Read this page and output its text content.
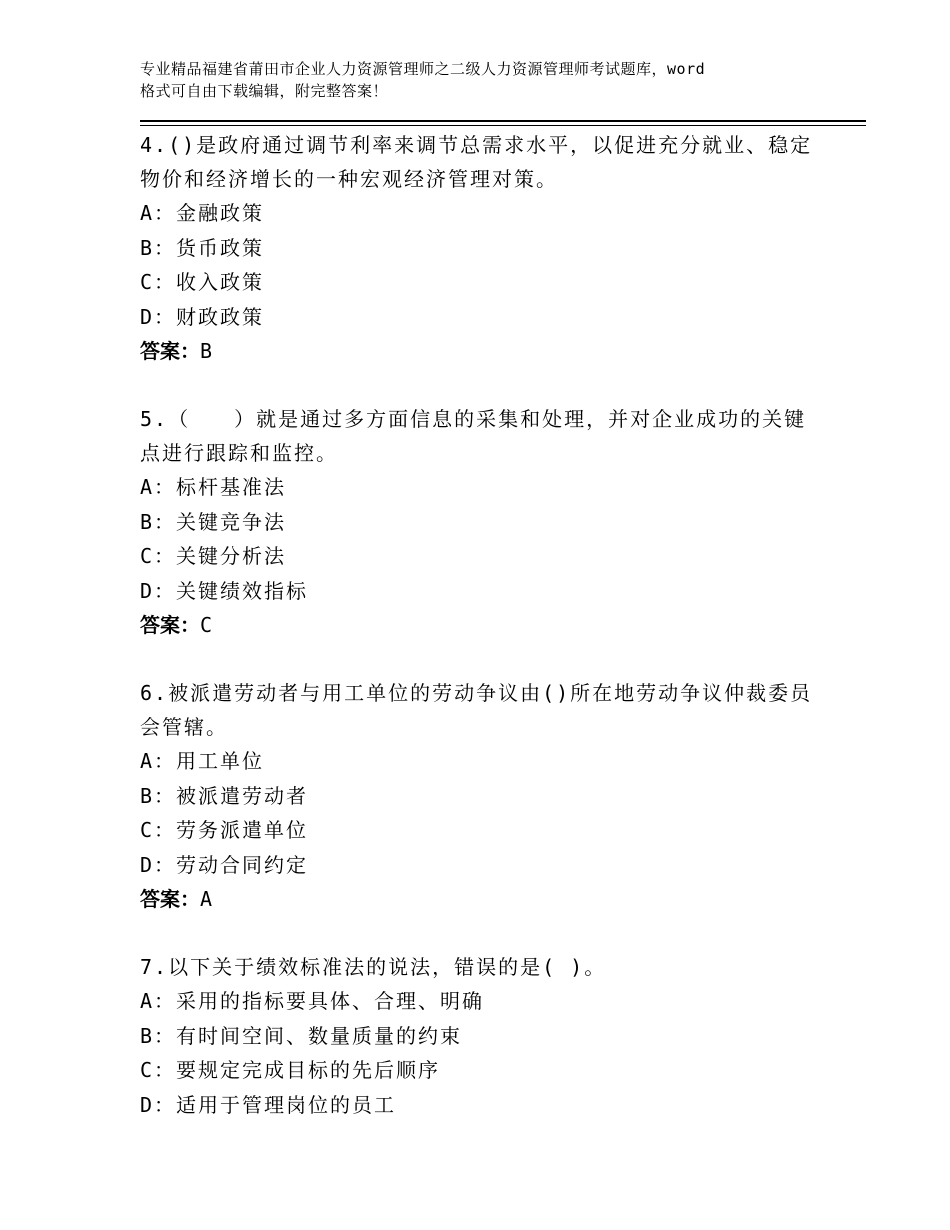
专业精品福建省莆田市企业人力资源管理师之二级人力资源管理师考试题库，word
格式可自由下载编辑，附完整答案！

4.()是政府通过调节利率来调节总需求水平，以促进充分就业、稳定

物价和经济增长的一种宏观经济管理对策。

A：金融政策

B：货币政策

C：收入政策

D：财政政策

答案：B

5.（　　）就是通过多方面信息的采集和处理，并对企业成功的关键

点进行跟踪和监控。

A：标杆基准法

B：关键竞争法

C：关键分析法

D：关键绩效指标

答案：C

6.被派遣劳动者与用工单位的劳动争议由()所在地劳动争议仲裁委员

会管辖。

A：用工单位

B：被派遣劳动者

C：劳务派遣单位

D：劳动合同约定

答案：A

7.以下关于绩效标准法的说法，错误的是( )。

A：采用的指标要具体、合理、明确

B：有时间空间、数量质量的约束

C：要规定完成目标的先后顺序

D：适用于管理岗位的员工
